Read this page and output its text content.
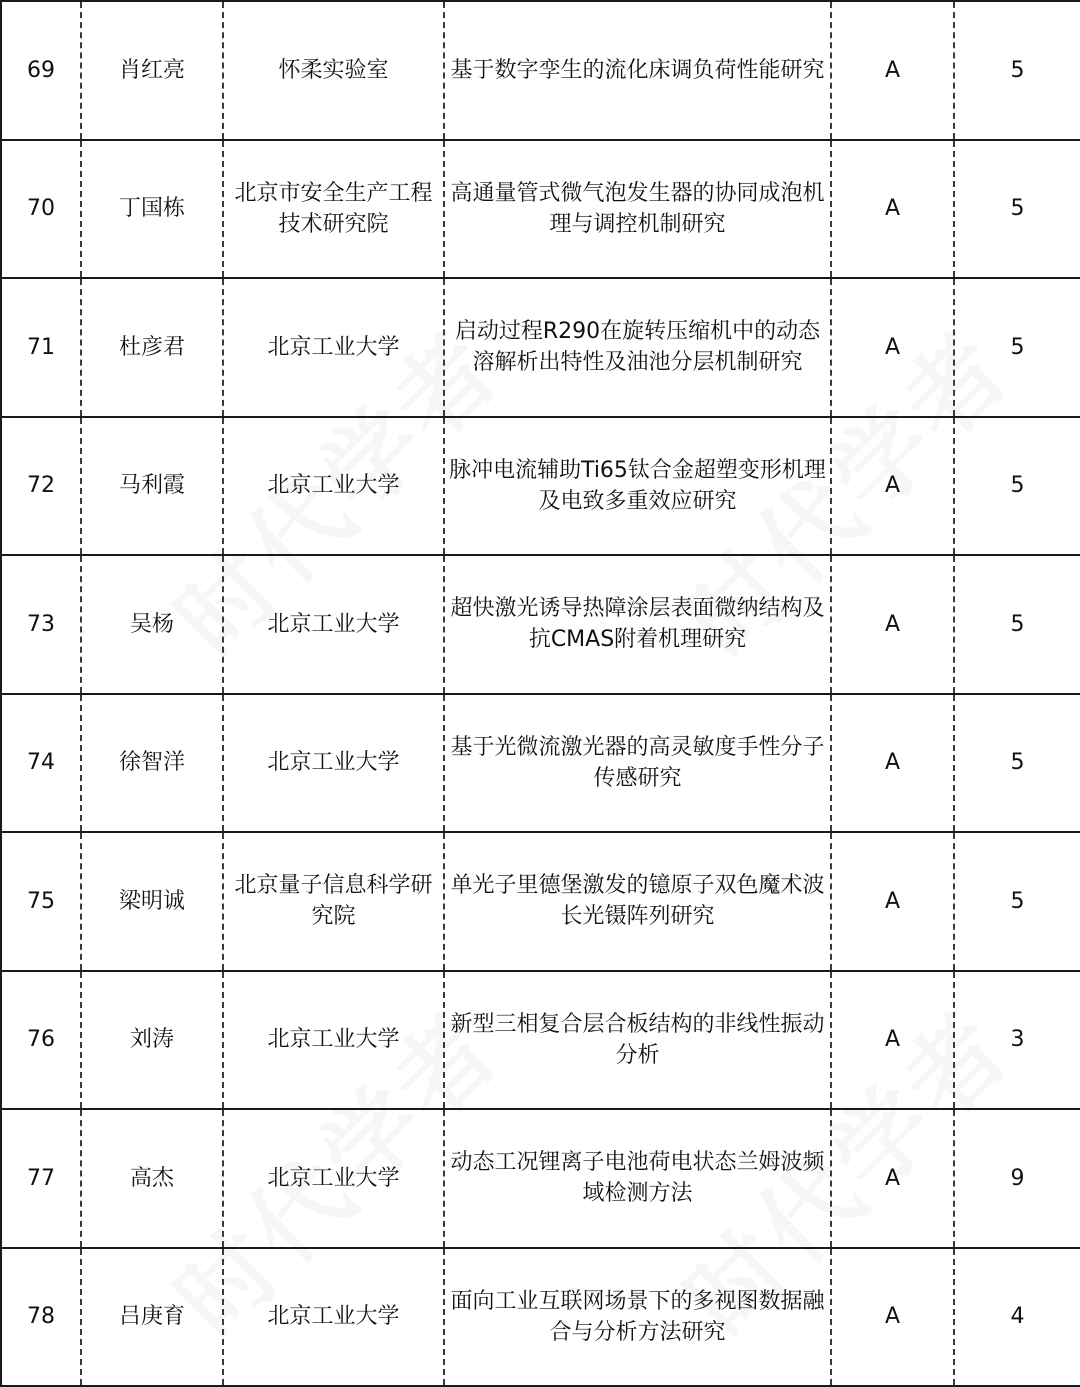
69	肖红亮	怀柔实验室	基于数字孪生的流化床调负荷性能研究	A	5
70	丁国栋	北京市安全生产工程技术研究院	高通量管式微气泡发生器的协同成泡机理与调控机制研究	A	5
71	杜彦君	北京工业大学	启动过程R290在旋转压缩机中的动态溶解析出特性及油池分层机制研究	A	5
72	马利霞	北京工业大学	脉冲电流辅助Ti65钛合金超塑变形机理及电致多重效应研究	A	5
73	吴杨	北京工业大学	超快激光诱导热障涂层表面微纳结构及抗CMAS附着机理研究	A	5
74	徐智洋	北京工业大学	基于光微流激光器的高灵敏度手性分子传感研究	A	5
75	梁明诚	北京量子信息科学研究院	单光子里德堡激发的镱原子双色魔术波长光镊阵列研究	A	5
76	刘涛	北京工业大学	新型三相复合层合板结构的非线性振动分析	A	3
77	高杰	北京工业大学	动态工况锂离子电池荷电状态兰姆波频域检测方法	A	9
78	吕庚育	北京工业大学	面向工业互联网场景下的多视图数据融合与分析方法研究	A	4
